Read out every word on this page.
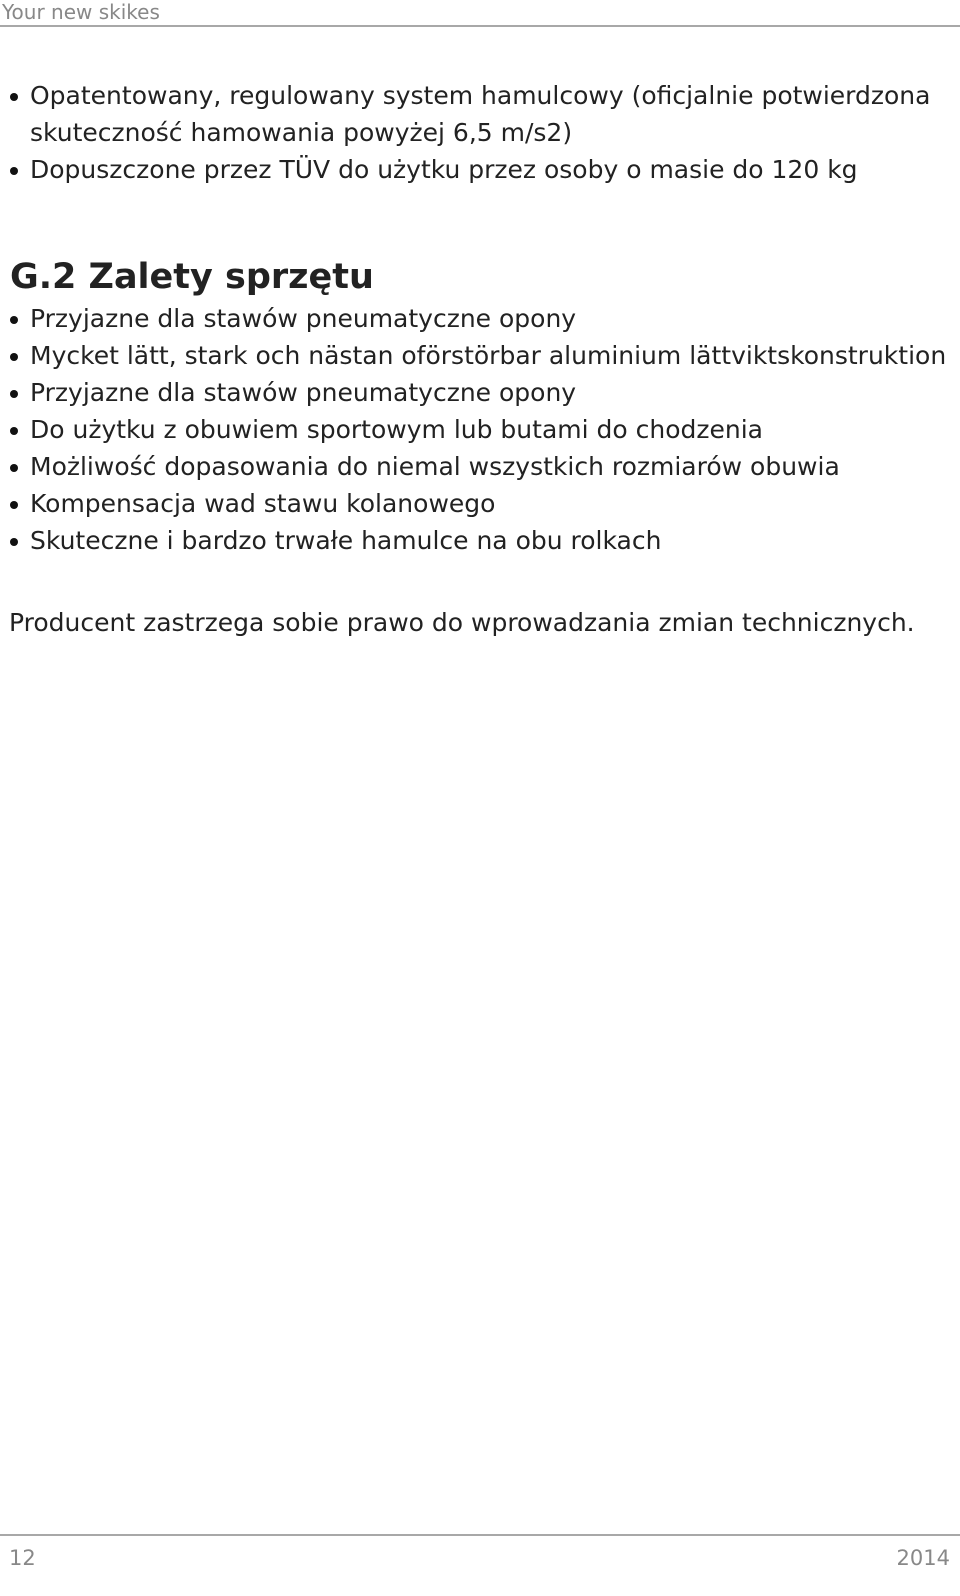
Your new skikes
Opatentowany, regulowany system hamulcowy (oficjalnie potwierdzona skuteczność hamowania powyżej 6,5 m/s2)
Dopuszczone przez TÜV do użytku przez osoby o masie do 120 kg
G.2 Zalety sprzętu
Przyjazne dla stawów pneumatyczne opony
Mycket lätt, stark och nästan oförstörbar aluminium lättviktskonstruktion
Przyjazne dla stawów pneumatyczne opony
Do użytku z obuwiem sportowym lub butami do chodzenia
Możliwość dopasowania do niemal wszystkich rozmiarów obuwia
Kompensacja wad stawu kolanowego
Skuteczne i bardzo trwałe hamulce na obu rolkach

Producent zastrzega sobie prawo do wprowadzania zmian technicznych.

12	2014
